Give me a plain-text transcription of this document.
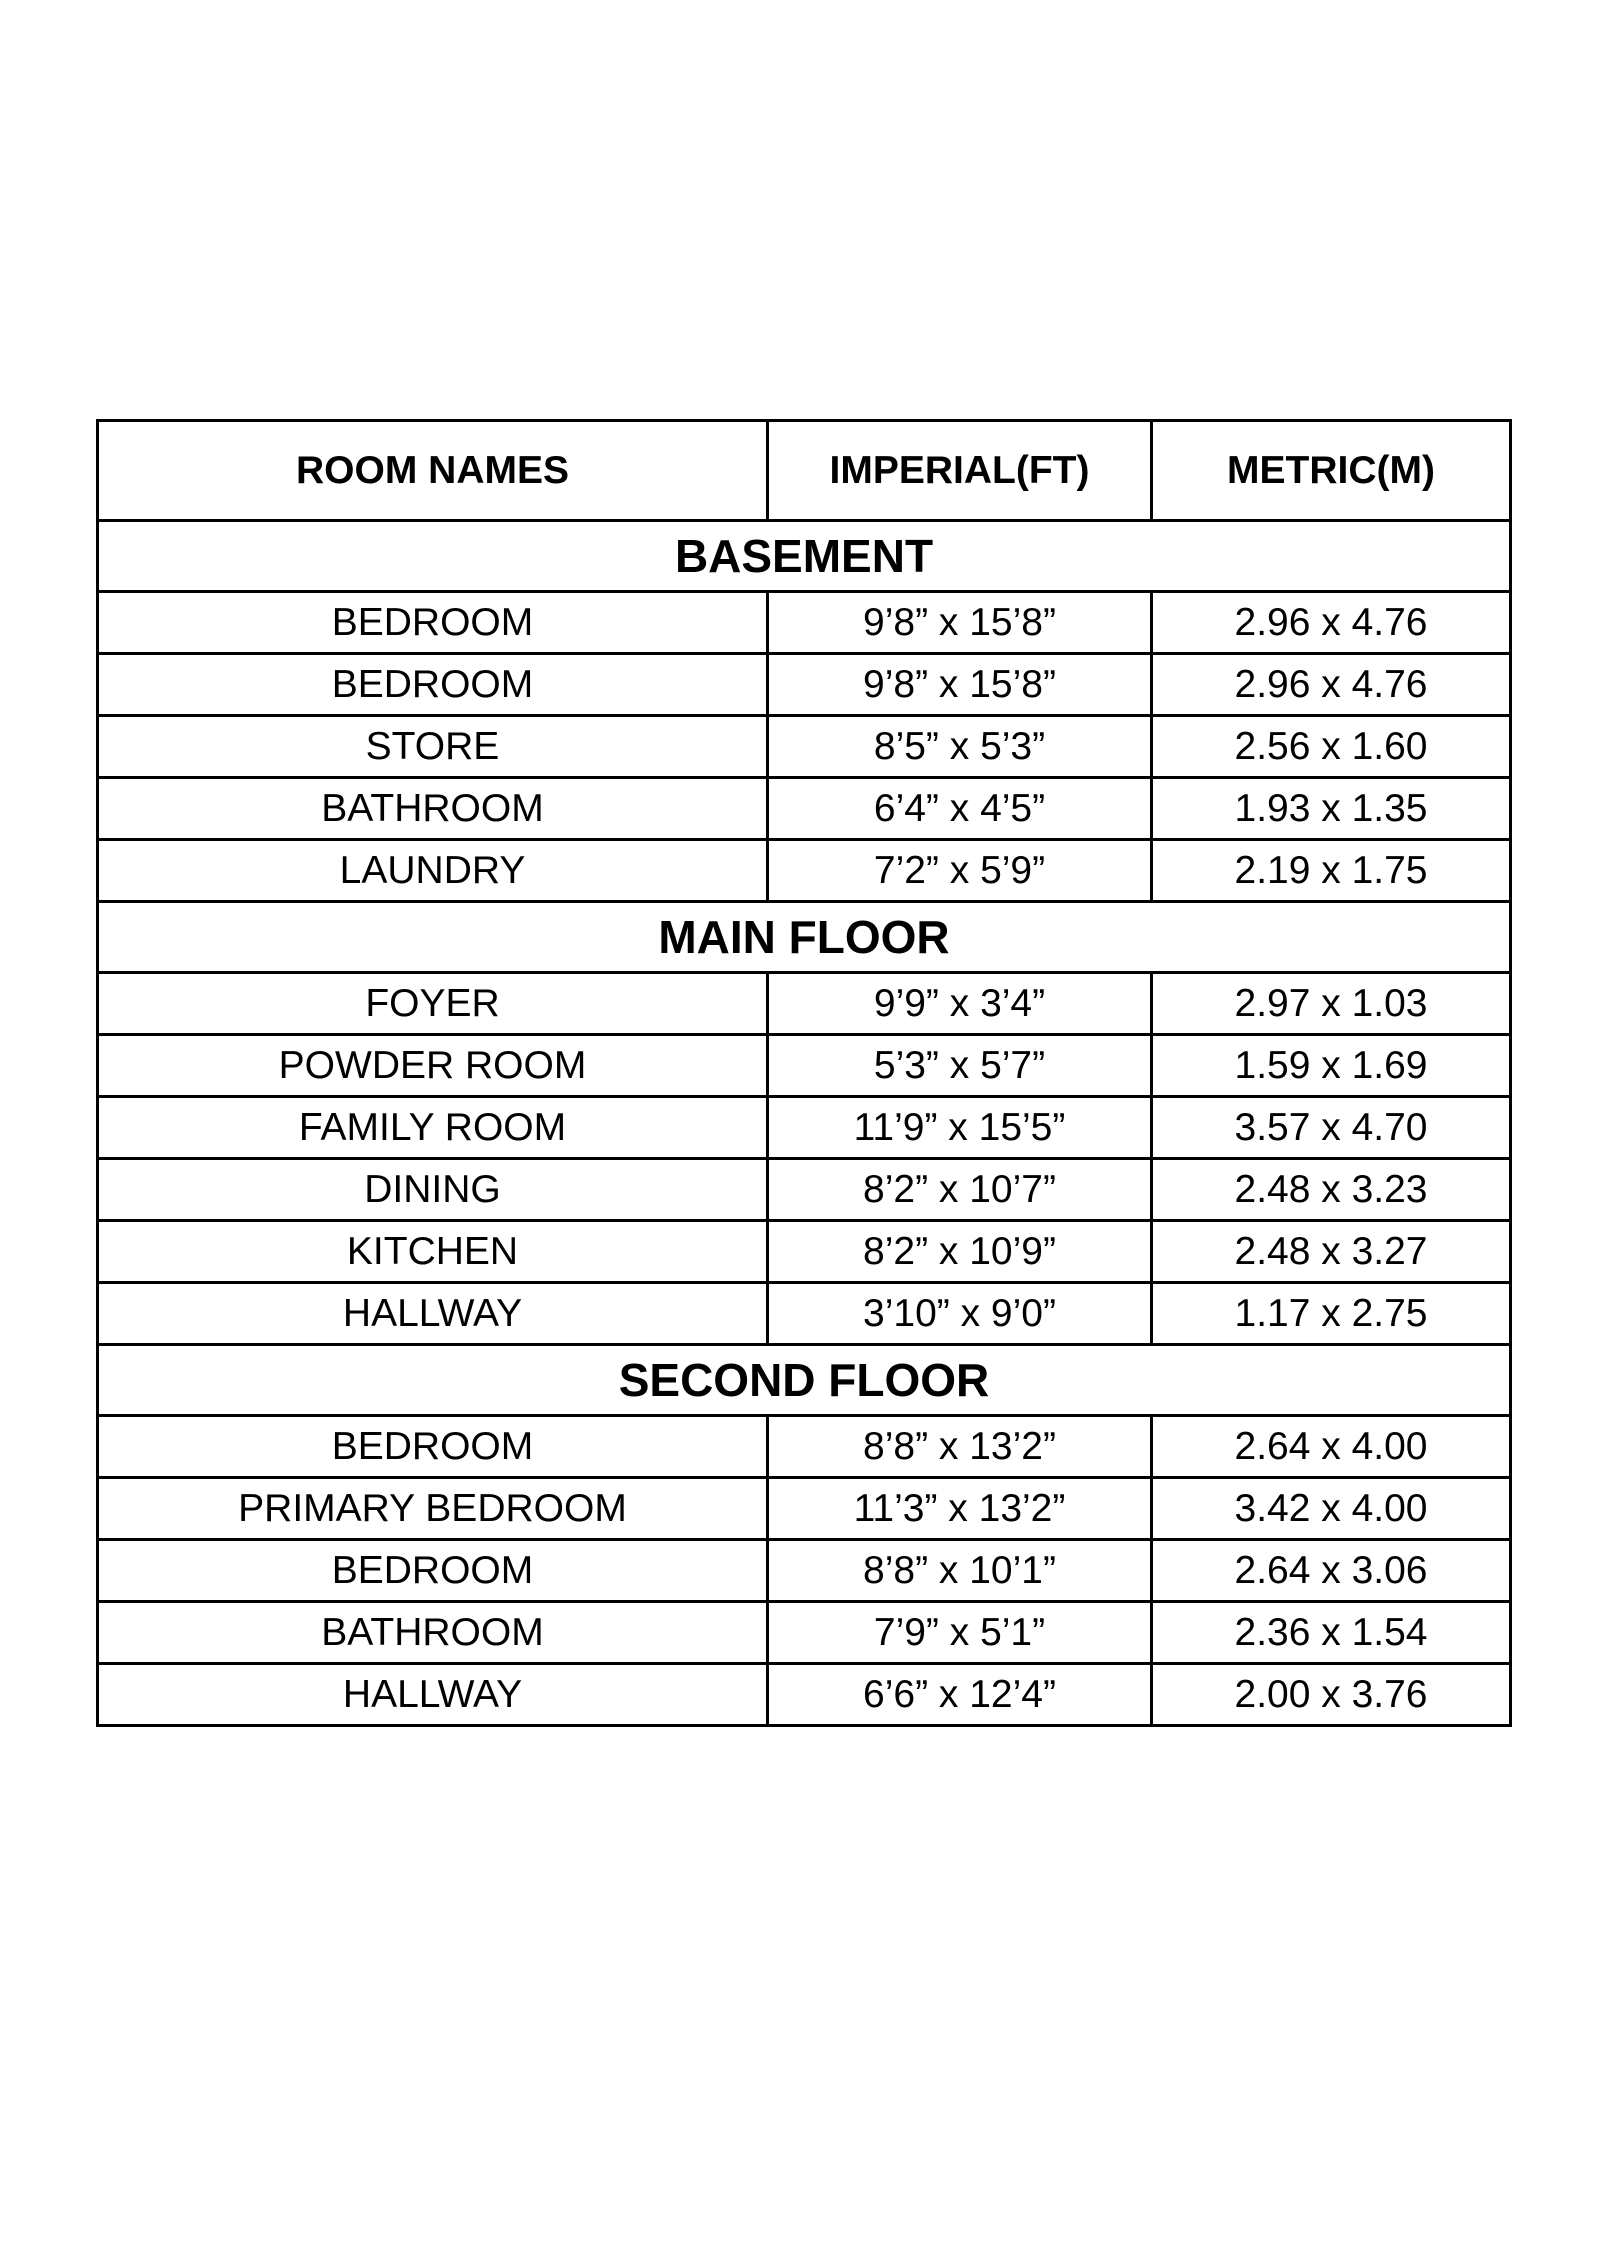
ROOM NAMES	IMPERIAL(FT)	METRIC(M)
BASEMENT		
BEDROOM	9’8” x 15’8”	2.96 x 4.76
BEDROOM	9’8” x 15’8”	2.96 x 4.76
STORE	8’5” x 5’3”	2.56 x 1.60
BATHROOM	6’4” x 4’5”	1.93 x 1.35
LAUNDRY	7’2” x 5’9”	2.19 x 1.75
MAIN FLOOR		
FOYER	9’9” x 3’4”	2.97 x 1.03
POWDER ROOM	5’3” x 5’7”	1.59 x 1.69
FAMILY ROOM	11’9” x 15’5”	3.57 x 4.70
DINING	8’2” x 10’7”	2.48 x 3.23
KITCHEN	8’2” x 10’9”	2.48 x 3.27
HALLWAY	3’10” x 9’0”	1.17 x 2.75
SECOND FLOOR		
BEDROOM	8’8” x 13’2”	2.64 x 4.00
PRIMARY BEDROOM	11’3” x 13’2”	3.42 x 4.00
BEDROOM	8’8” x 10’1”	2.64 x 3.06
BATHROOM	7’9” x 5’1”	2.36 x 1.54
HALLWAY	6’6” x 12’4”	2.00 x 3.76
